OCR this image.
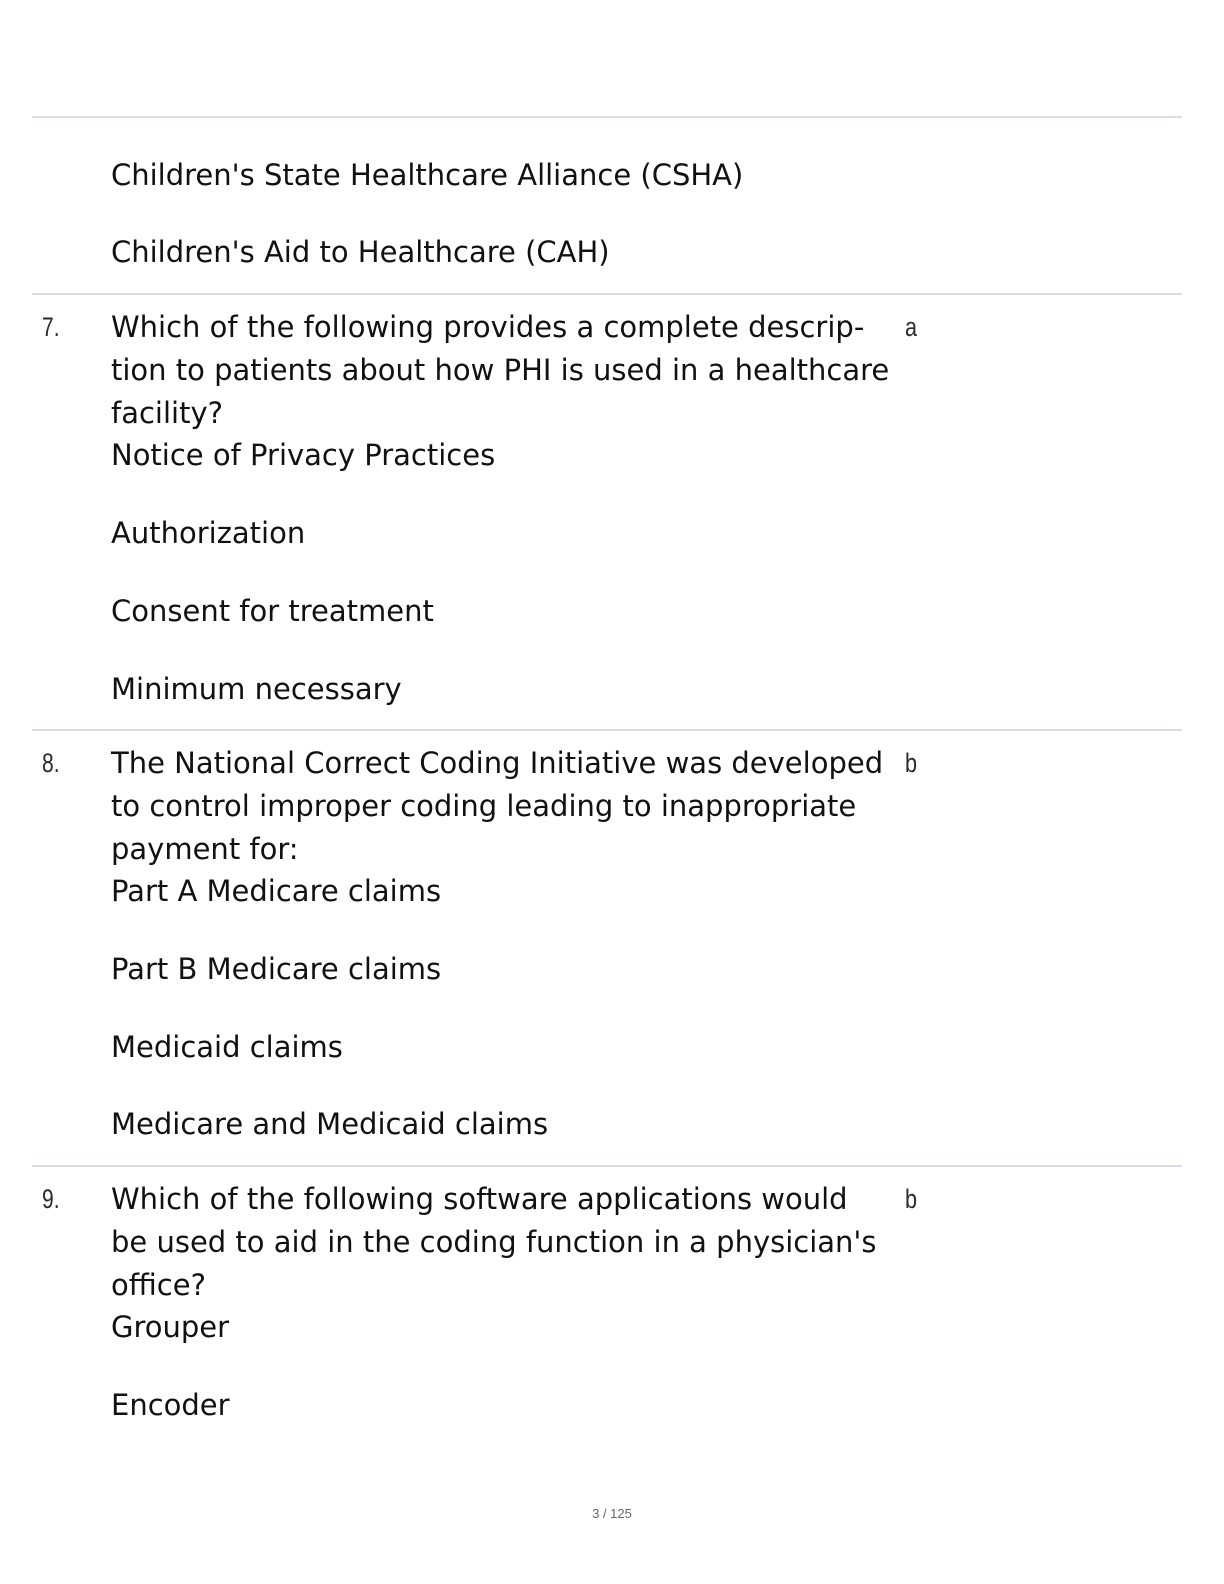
Children's State Healthcare Alliance (CSHA)
Children's Aid to Healthcare (CAH)
7. Which of the following provides a complete descrip-
tion to patients about how PHI is used in a healthcare
facility?
a
Notice of Privacy Practices
Authorization
Consent for treatment
Minimum necessary
8. The National Correct Coding Initiative was developed
to control improper coding leading to inappropriate
payment for:
b
Part A Medicare claims
Part B Medicare claims
Medicaid claims
Medicare and Medicaid claims
9. Which of the following software applications would
be used to aid in the coding function in a physician's
office?
b
Grouper
Encoder
3 / 125
